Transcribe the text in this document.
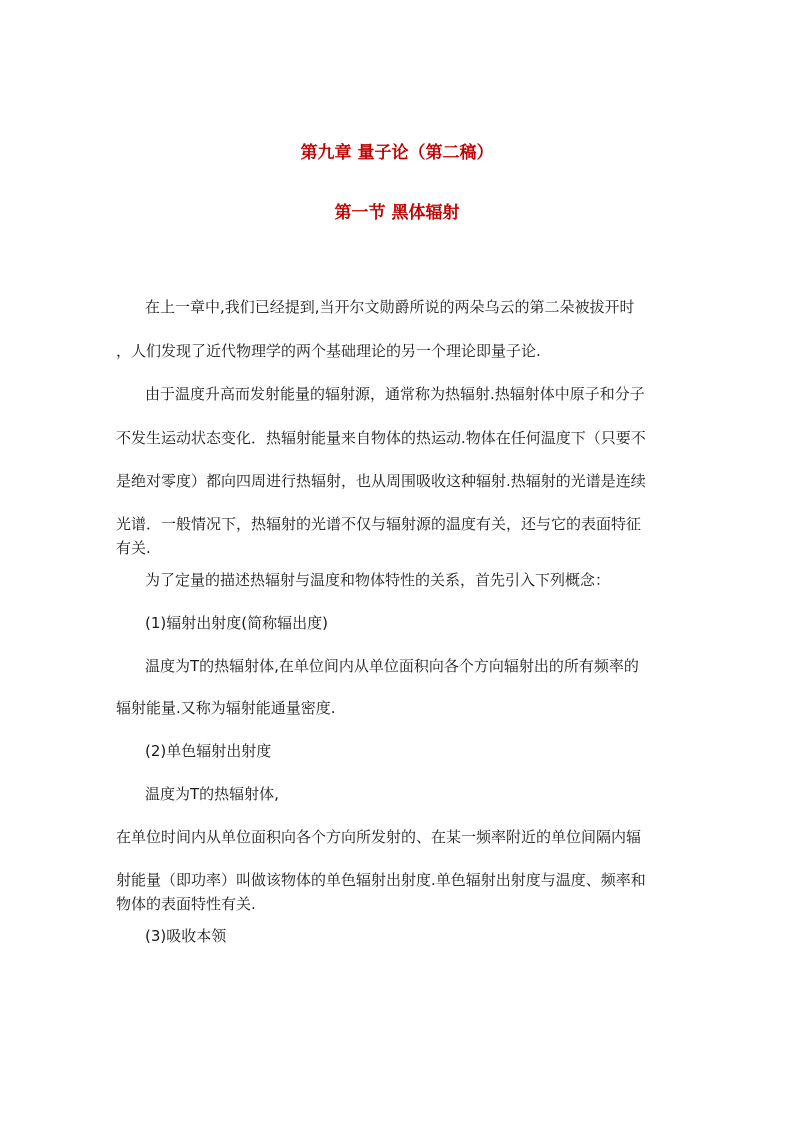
第九章 量子论（第二稿）
第一节 黑体辐射
在上一章中,我们已经提到,当开尔文勋爵所说的两朵乌云的第二朵被拔开时
，人们发现了近代物理学的两个基础理论的另一个理论即量子论.
由于温度升高而发射能量的辐射源，通常称为热辐射.热辐射体中原子和分子
不发生运动状态变化．热辐射能量来自物体的热运动.物体在任何温度下（只要不
是绝对零度）都向四周进行热辐射，也从周围吸收这种辐射.热辐射的光谱是连续
光谱．一般情况下，热辐射的光谱不仅与辐射源的温度有关，还与它的表面特征
有关.
为了定量的描述热辐射与温度和物体特性的关系，首先引入下列概念：
(1)辐射出射度(简称辐出度)
温度为T的热辐射体,在单位间内从单位面积向各个方向辐射出的所有频率的
辐射能量.又称为辐射能通量密度.
(2)单色辐射出射度
温度为T的热辐射体,
在单位时间内从单位面积向各个方向所发射的、在某一频率附近的单位间隔内辐
射能量（即功率）叫做该物体的单色辐射出射度.单色辐射出射度与温度、频率和
物体的表面特性有关.
(3)吸收本领
